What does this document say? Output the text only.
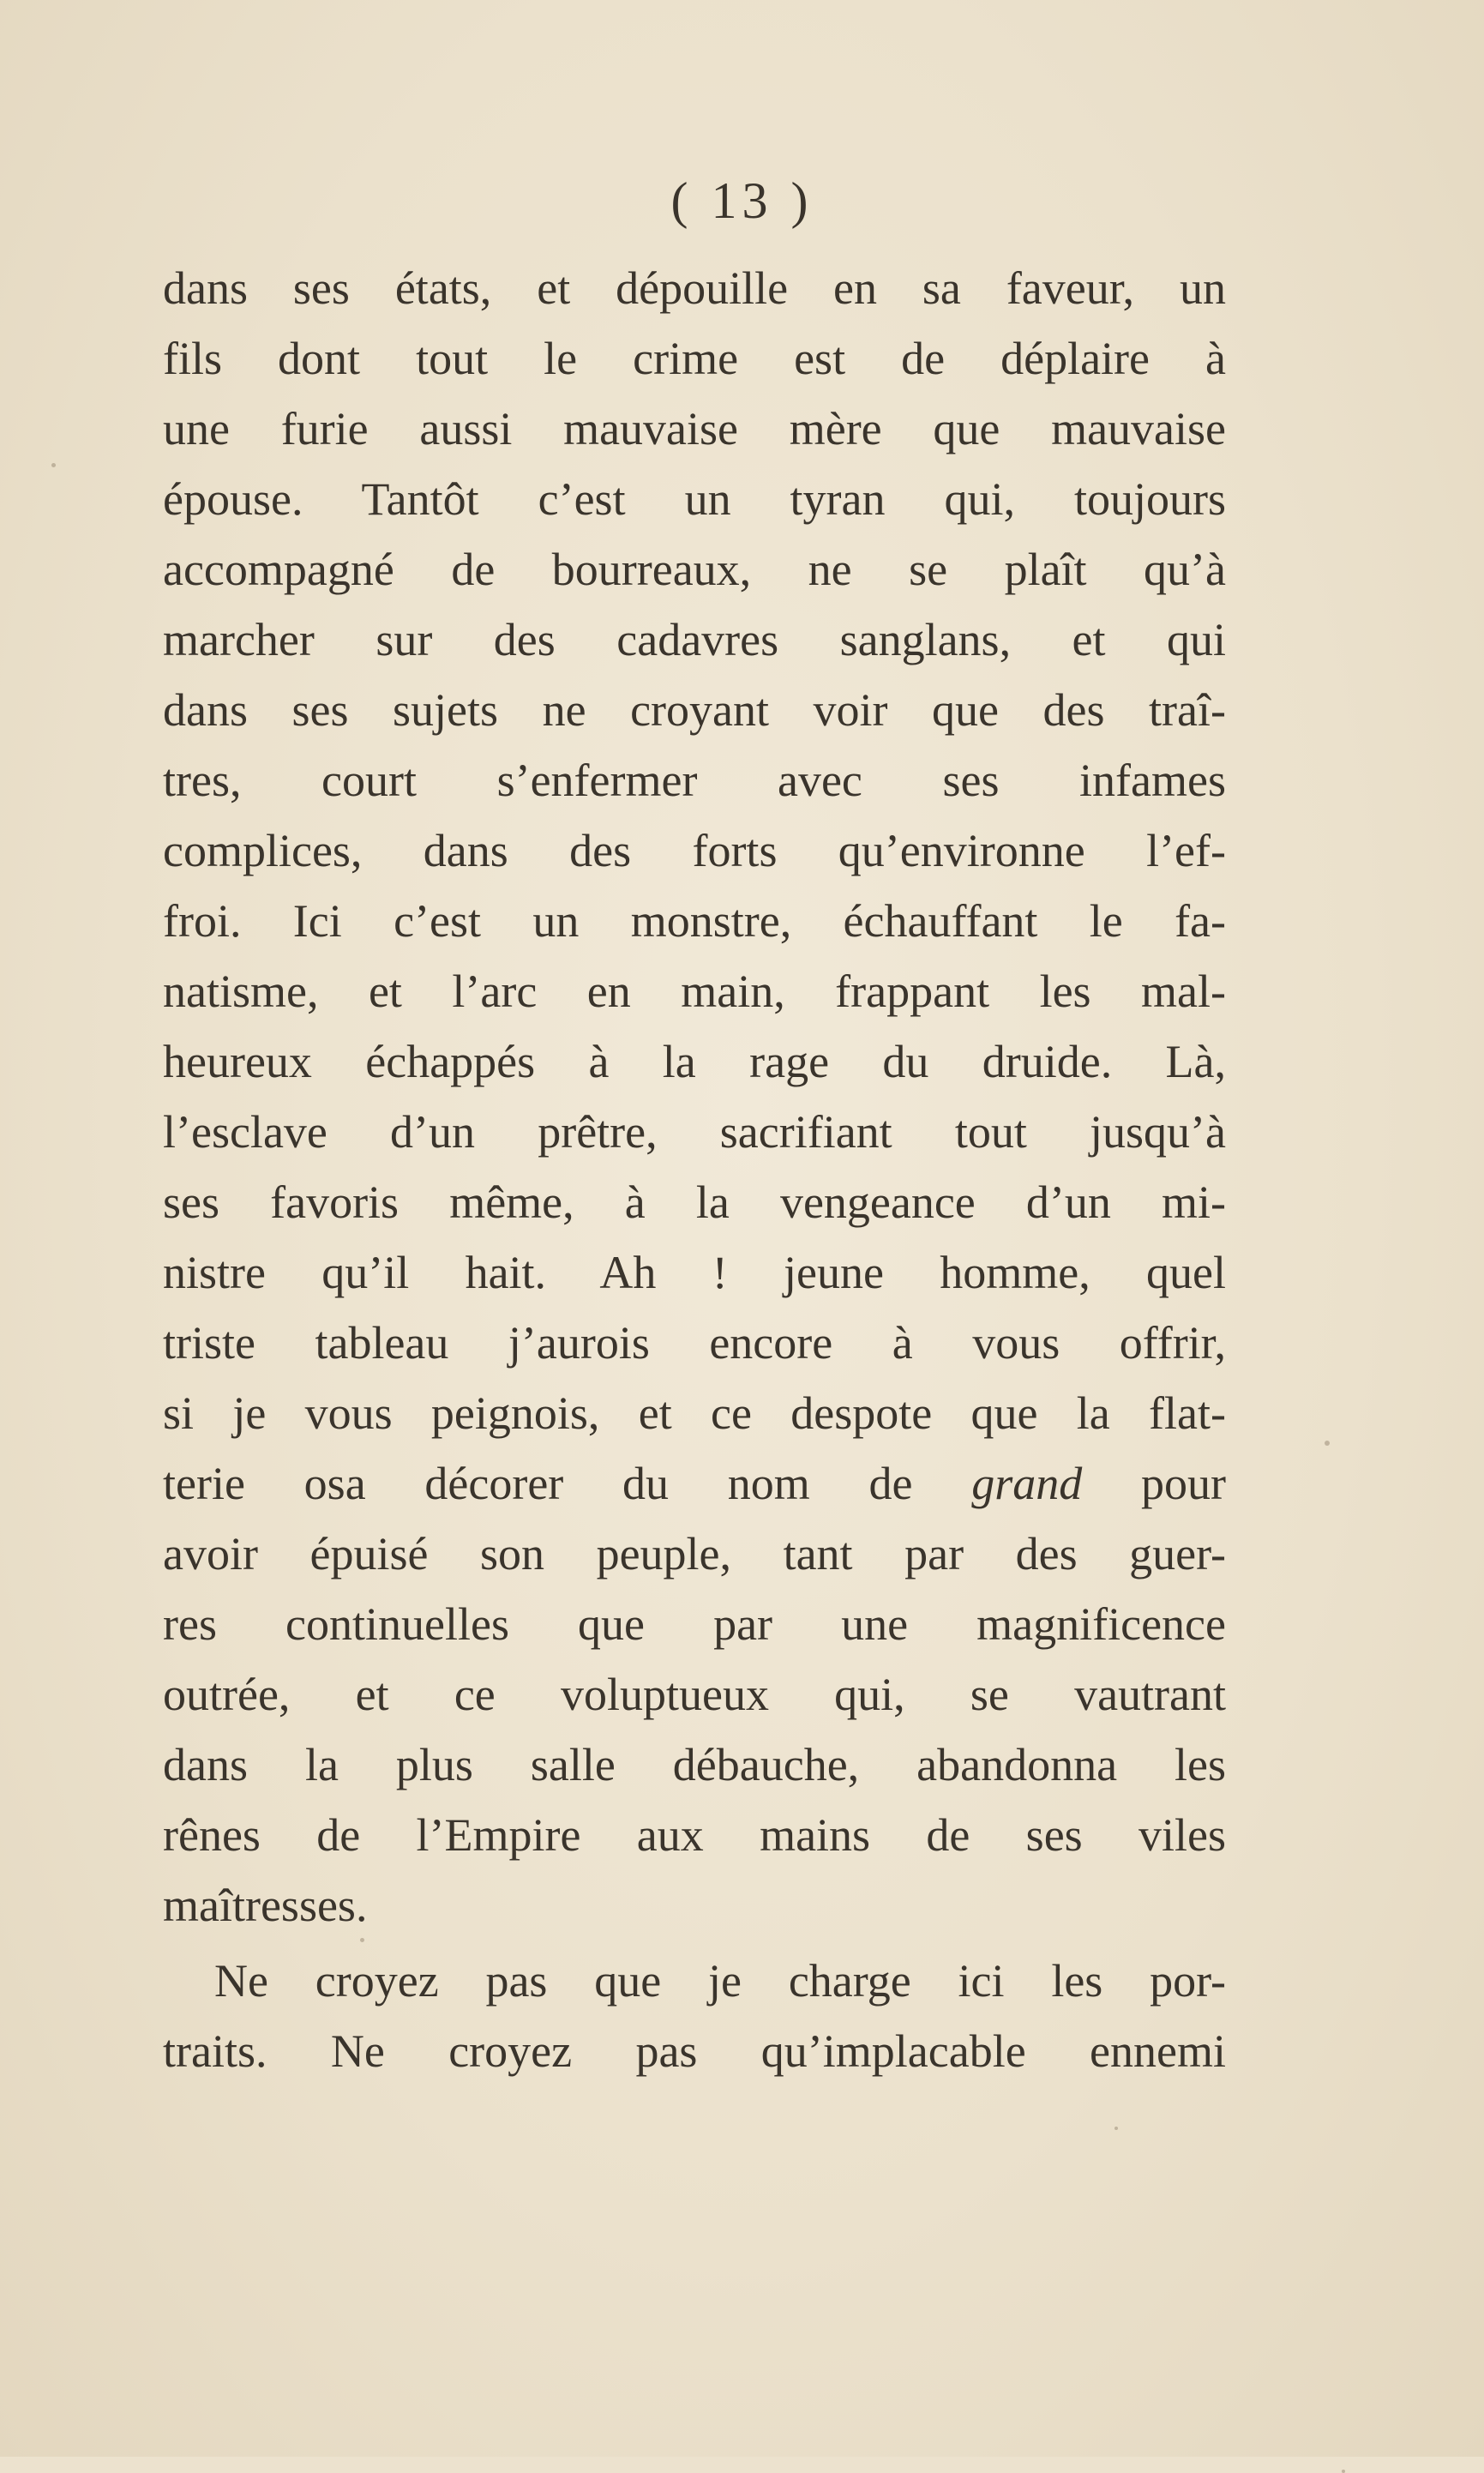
( 13 )
dans ses états, et dépouille en sa faveur, un
fils dont tout le crime est de déplaire à
une furie aussi mauvaise mère que mauvaise
épouse. Tantôt c’est un tyran qui, toujours
accompagné de bourreaux, ne se plaît qu’à
marcher sur des cadavres sanglans, et qui
dans ses sujets ne croyant voir que des traî-
tres, court s’enfermer avec ses infames
complices, dans des forts qu’environne l’ef-
froi. Ici c’est un monstre, échauffant le fa-
natisme, et l’arc en main, frappant les mal-
heureux échappés à la rage du druide. Là,
l’esclave d’un prêtre, sacrifiant tout jusqu’à
ses favoris même, à la vengeance d’un mi-
nistre qu’il hait. Ah ! jeune homme, quel
triste tableau j’aurois encore à vous offrir,
si je vous peignois, et ce despote que la flat-
terie osa décorer du nom de grand pour
avoir épuisé son peuple, tant par des guer-
res continuelles que par une magnificence
outrée, et ce voluptueux qui, se vautrant
dans la plus salle débauche, abandonna les
rênes de l’Empire aux mains de ses viles
maîtresses.
Ne croyez pas que je charge ici les por-
traits. Ne croyez pas qu’implacable ennemi
